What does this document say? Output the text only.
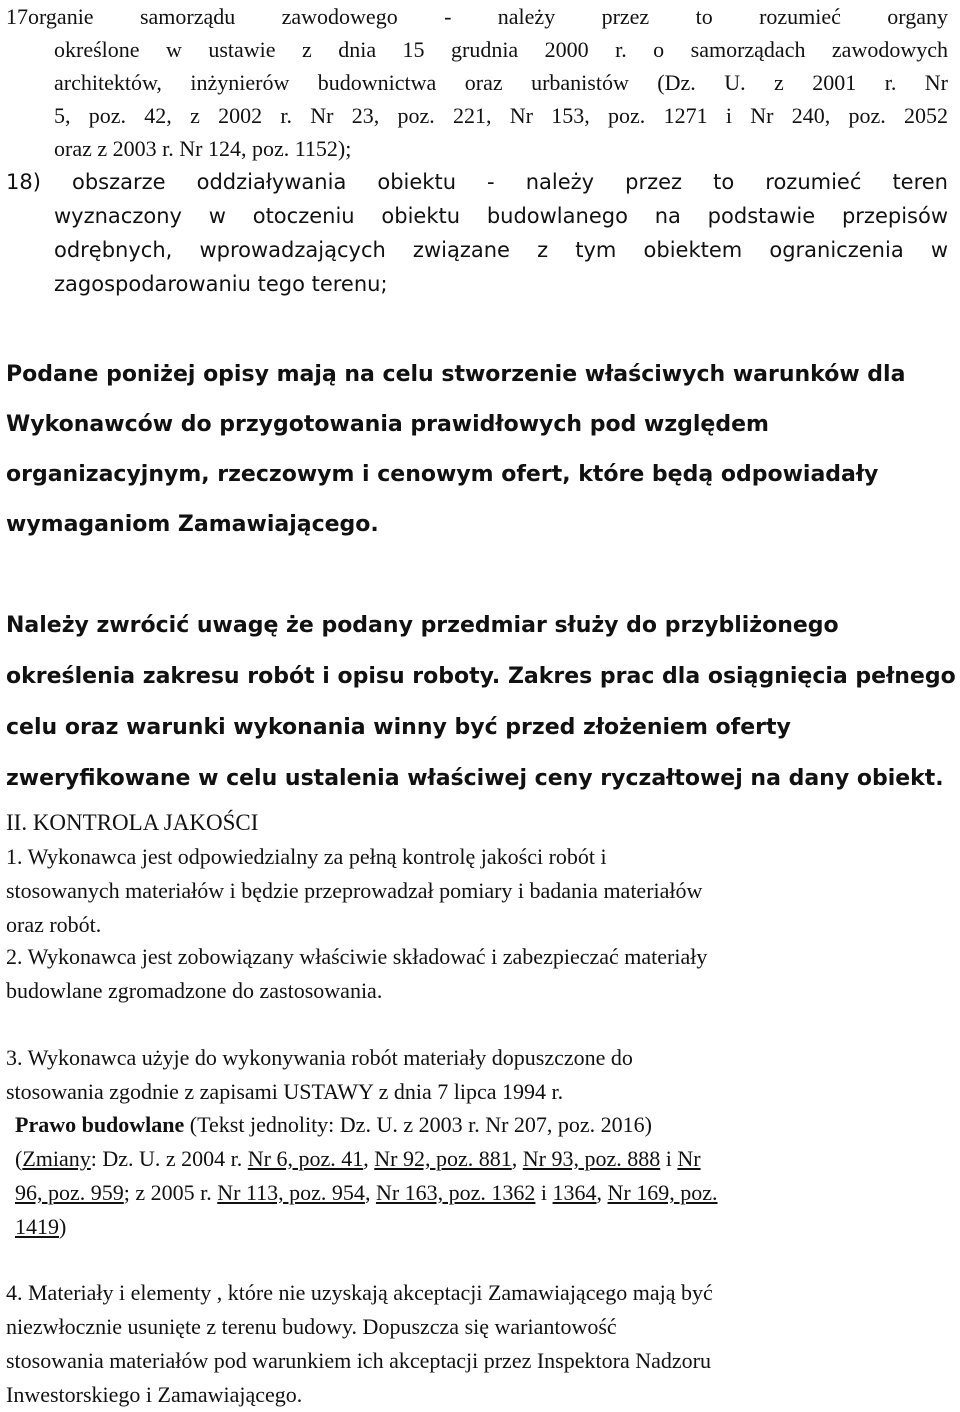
17organie samorządu zawodowego - należy przez to rozumieć organy
określone w ustawie z dnia 15 grudnia 2000 r. o samorządach zawodowych
architektów, inżynierów budownictwa oraz urbanistów (Dz. U. z 2001 r. Nr
5, poz. 42, z 2002 r. Nr 23, poz. 221, Nr 153, poz. 1271 i Nr 240, poz. 2052
oraz z 2003 r. Nr 124, poz. 1152);
18) obszarze oddziaływania obiektu - należy przez to rozumieć teren
wyznaczony w otoczeniu obiektu budowlanego na podstawie przepisów
odrębnych, wprowadzających związane z tym obiektem ograniczenia w
zagospodarowaniu tego terenu;
Podane poniżej opisy mają na celu stworzenie właściwych warunków dla
Wykonawców do przygotowania prawidłowych pod względem
organizacyjnym, rzeczowym i cenowym ofert, które będą odpowiadały
wymaganiom Zamawiającego.
Należy zwrócić uwagę że podany przedmiar służy do przybliżonego
określenia zakresu robót i opisu roboty. Zakres prac dla osiągnięcia pełnego
celu oraz warunki wykonania winny być przed złożeniem oferty
zweryfikowane w celu ustalenia właściwej ceny ryczałtowej na dany obiekt.
II. KONTROLA JAKOŚCI
1. Wykonawca jest odpowiedzialny za pełną kontrolę jakości robót i
stosowanych materiałów i będzie przeprowadzał pomiary i badania materiałów
oraz robót.
2. Wykonawca jest zobowiązany właściwie składować i zabezpieczać materiały
budowlane zgromadzone do zastosowania.
3. Wykonawca użyje do wykonywania robót materiały dopuszczone do
stosowania zgodnie z zapisami USTAWY z dnia 7 lipca 1994 r.
Prawo budowlane (Tekst jednolity: Dz. U. z 2003 r. Nr 207, poz. 2016)
(Zmiany: Dz. U. z 2004 r. Nr 6, poz. 41, Nr 92, poz. 881, Nr 93, poz. 888 i Nr
96, poz. 959; z 2005 r. Nr 113, poz. 954, Nr 163, poz. 1362 i 1364, Nr 169, poz.
1419)
4. Materiały i elementy , które nie uzyskają akceptacji Zamawiającego mają być
niezwłocznie usunięte z terenu budowy. Dopuszcza się wariantowość
stosowania materiałów pod warunkiem ich akceptacji przez Inspektora Nadzoru
Inwestorskiego i Zamawiającego.
